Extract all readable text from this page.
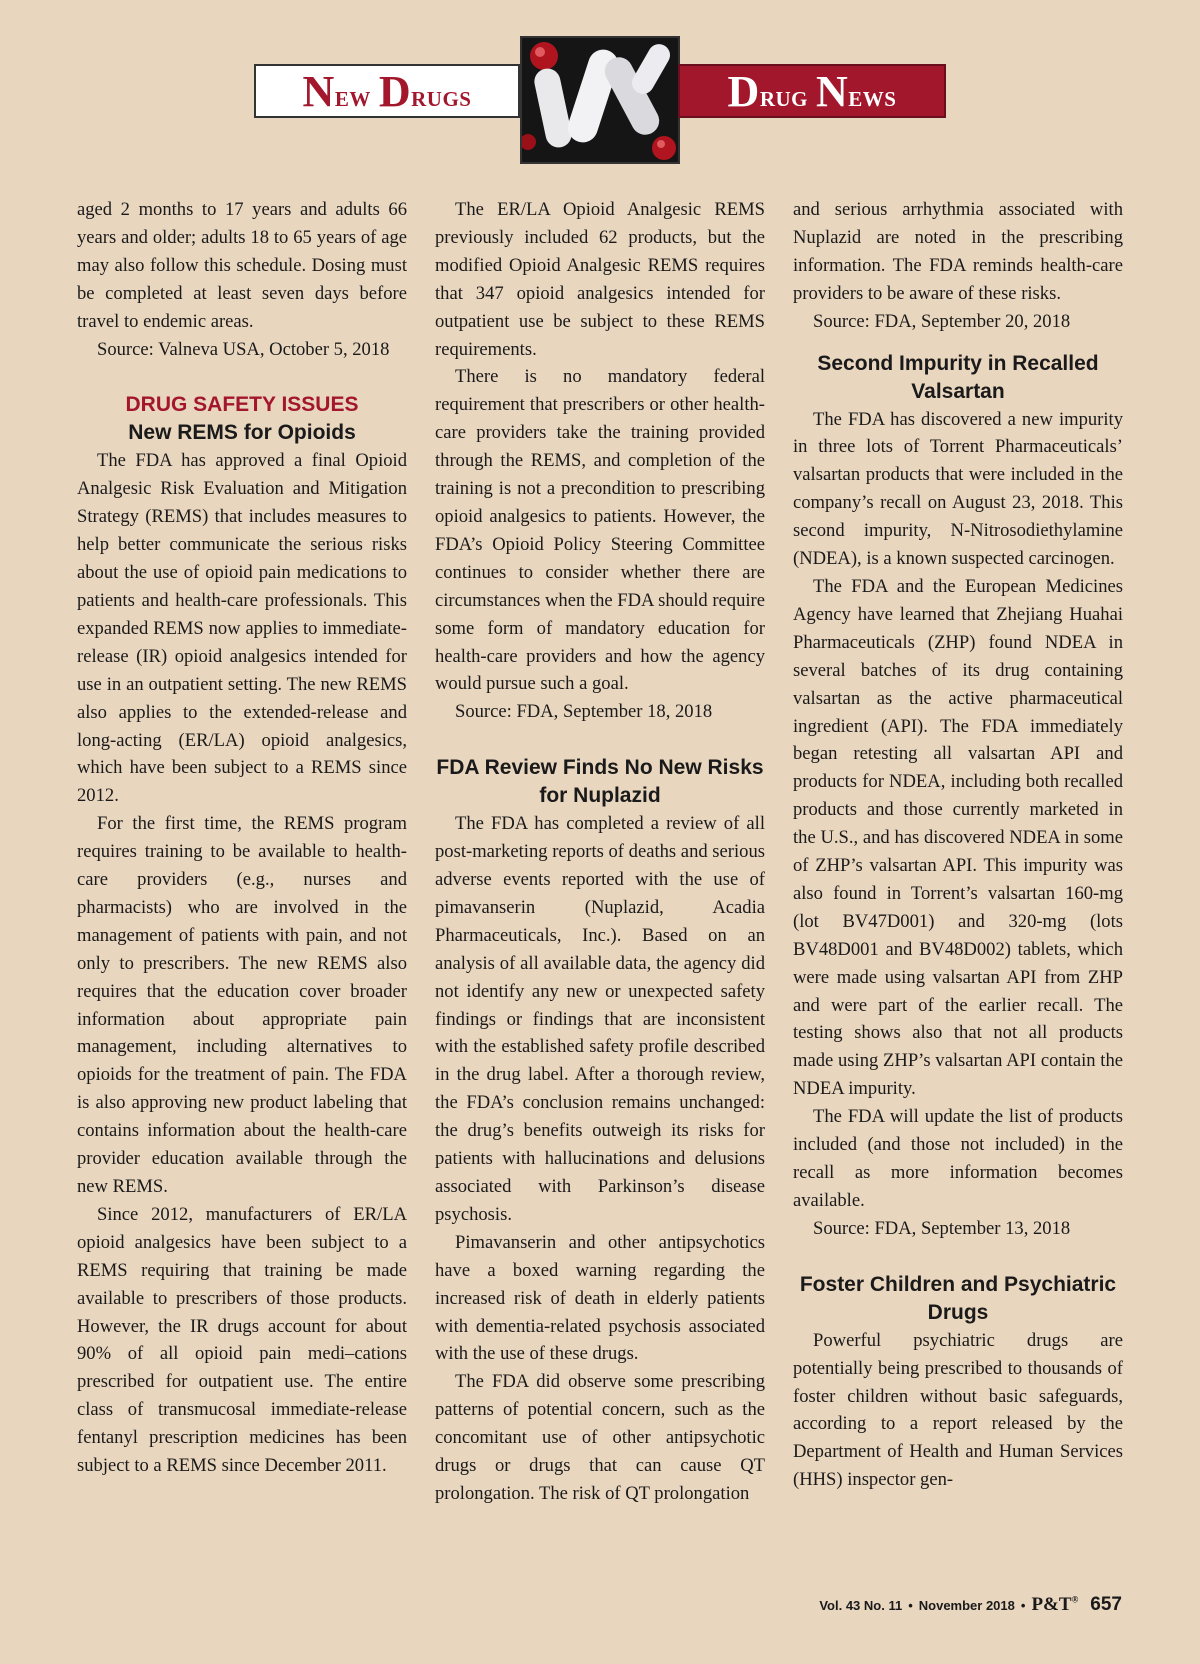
New Drugs	Drug News

aged 2 months to 17 years and adults 66 years and older; adults 18 to 65 years of age may also follow this schedule. Dosing must be completed at least seven days before travel to endemic areas.

Source: Valneva USA, October 5, 2018

DRUG SAFETY ISSUES
New REMS for Opioids

The FDA has approved a final Opioid Analgesic Risk Evaluation and Mitigation Strategy (REMS) that includes measures to help better communicate the serious risks about the use of opioid pain medications to patients and health-care professionals. This expanded REMS now applies to immediate-release (IR) opioid analgesics intended for use in an outpatient setting. The new REMS also applies to the extended-release and long-acting (ER/LA) opioid analgesics, which have been subject to a REMS since 2012.

For the first time, the REMS program requires training to be available to health-care providers (e.g., nurses and pharmacists) who are involved in the management of patients with pain, and not only to prescribers. The new REMS also requires that the education cover broader information about appropriate pain management, including alternatives to opioids for the treatment of pain. The FDA is also approving new product labeling that contains information about the health-care provider education available through the new REMS.

Since 2012, manufacturers of ER/LA opioid analgesics have been subject to a REMS requiring that training be made available to prescribers of those products. However, the IR drugs account for about 90% of all opioid pain medi–cations prescribed for outpatient use. The entire class of transmucosal immediate-release fentanyl prescription medicines has been subject to a REMS since December 2011.

The ER/LA Opioid Analgesic REMS previously included 62 products, but the modified Opioid Analgesic REMS requires that 347 opioid analgesics intended for outpatient use be subject to these REMS requirements.

There is no mandatory federal requirement that prescribers or other health-care providers take the training provided through the REMS, and completion of the training is not a precondition to prescribing opioid analgesics to patients. However, the FDA’s Opioid Policy Steering Committee continues to consider whether there are circumstances when the FDA should require some form of mandatory education for health-care providers and how the agency would pursue such a goal.

Source: FDA, September 18, 2018

FDA Review Finds No New Risks for Nuplazid

The FDA has completed a review of all post-marketing reports of deaths and serious adverse events reported with the use of pimavanserin (Nuplazid, Acadia Pharmaceuticals, Inc.). Based on an analysis of all available data, the agency did not identify any new or unexpected safety findings or findings that are inconsistent with the established safety profile described in the drug label. After a thorough review, the FDA’s conclusion remains unchanged: the drug’s benefits outweigh its risks for patients with hallucinations and delusions associated with Parkinson’s disease psychosis.

Pimavanserin and other antipsychotics have a boxed warning regarding the increased risk of death in elderly patients with dementia-related psychosis associated with the use of these drugs.

The FDA did observe some prescribing patterns of potential concern, such as the concomitant use of other antipsychotic drugs or drugs that can cause QT prolongation. The risk of QT prolongation

and serious arrhythmia associated with Nuplazid are noted in the prescribing information. The FDA reminds health-care providers to be aware of these risks.

Source: FDA, September 20, 2018

Second Impurity in Recalled Valsartan

The FDA has discovered a new impurity in three lots of Torrent Pharmaceuticals’ valsartan products that were included in the company’s recall on August 23, 2018. This second impurity, N-Nitrosodiethylamine (NDEA), is a known suspected carcinogen.

The FDA and the European Medicines Agency have learned that Zhejiang Huahai Pharmaceuticals (ZHP) found NDEA in several batches of its drug containing valsartan as the active pharmaceutical ingredient (API). The FDA immediately began retesting all valsartan API and products for NDEA, including both recalled products and those currently marketed in the U.S., and has discovered NDEA in some of ZHP’s valsartan API. This impurity was also found in Torrent’s valsartan 160-mg (lot BV47D001) and 320-mg (lots BV48D001 and BV48D002) tablets, which were made using valsartan API from ZHP and were part of the earlier recall. The testing shows also that not all products made using ZHP’s valsartan API contain the NDEA impurity.

The FDA will update the list of products included (and those not included) in the recall as more information becomes available.

Source: FDA, September 13, 2018

Foster Children and Psychiatric Drugs

Powerful psychiatric drugs are potentially being prescribed to thousands of foster children without basic safeguards, according to a report released by the Department of Health and Human Services (HHS) inspector gen-

Vol. 43 No. 11 • November 2018 • P&T® 657
